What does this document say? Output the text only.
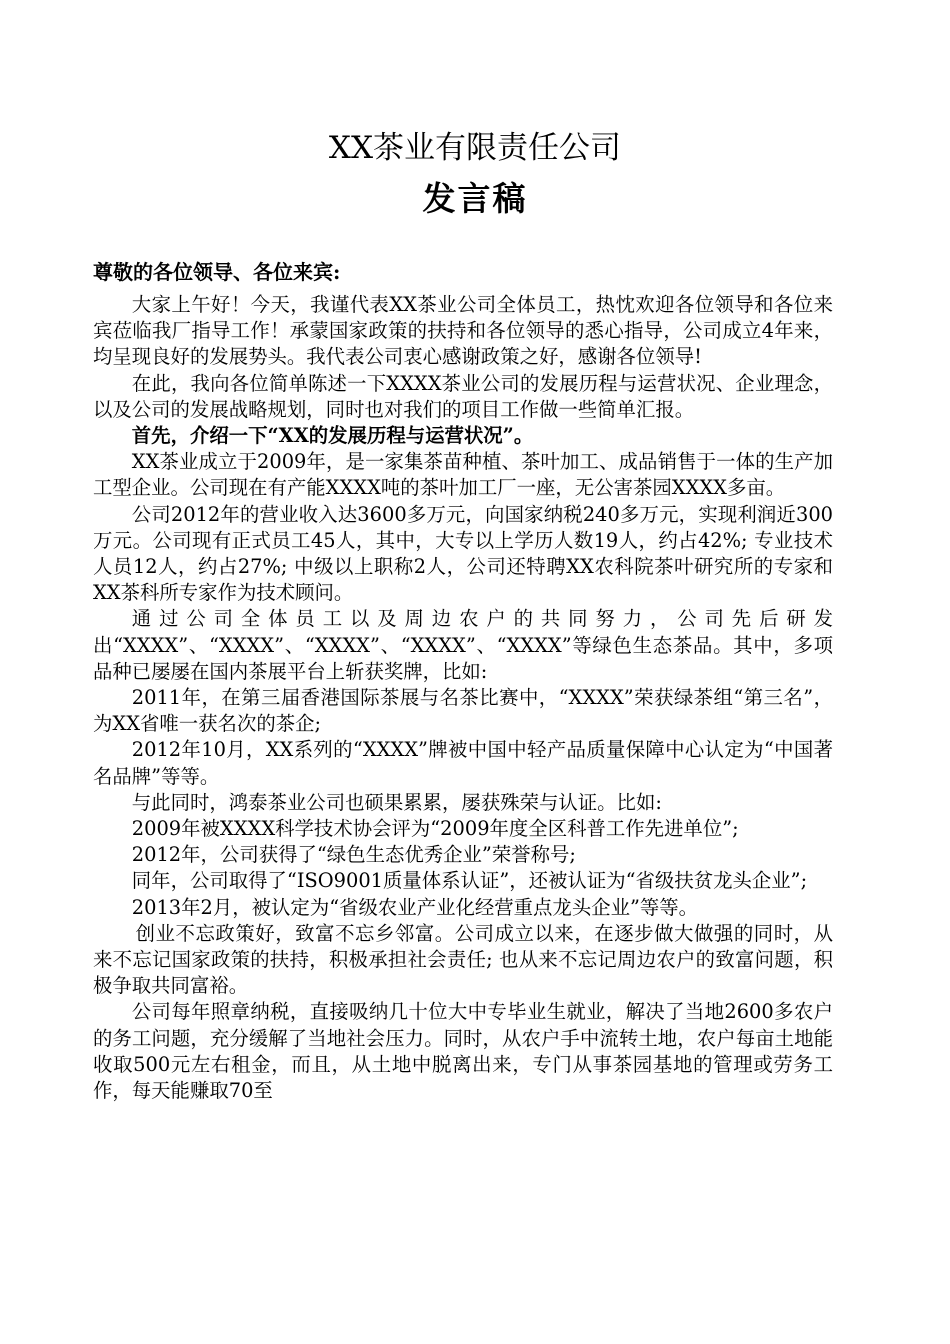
XX茶业有限责任公司
发言稿
尊敬的各位领导、各位来宾:

大家上午好！今天，我谨代表XX茶业公司全体员工，热忱欢迎各位领导和各位来宾莅临我厂指导工作！承蒙国家政策的扶持和各位领导的悉心指导，公司成立4年来，均呈现良好的发展势头。我代表公司衷心感谢政策之好，感谢各位领导!

在此，我向各位简单陈述一下XXXX茶业公司的发展历程与运营状况、企业理念，以及公司的发展战略规划，同时也对我们的项目工作做一些简单汇报。

首先，介绍一下“XX的发展历程与运营状况”。

XX茶业成立于2009年，是一家集茶苗种植、茶叶加工、成品销售于一体的生产加工型企业。公司现在有产能XXXX吨的茶叶加工厂一座，无公害茶园XXXX多亩。

公司2012年的营业收入达3600多万元，向国家纳税240多万元，实现利润近300万元。公司现有正式员工45人，其中，大专以上学历人数19人，约占42%; 专业技术人员12人，约占27%; 中级以上职称2人，公司还特聘XX农科院茶叶研究所的专家和XX茶科所专家作为技术顾问。

通过公司全体员工以及周边农户的共同努力，公司先后研发出“XXXX”、“XXXX”、“XXXX”、“XXXX”、“XXXX”等绿色生态茶品。其中，多项品种已屡屡在国内茶展平台上斩获奖牌，比如:

2011年，在第三届香港国际茶展与名茶比赛中，“XXXX”荣获绿茶组“第三名”，为XX省唯一获名次的茶企;

2012年10月，XX系列的“XXXX”牌被中国中轻产品质量保障中心认定为“中国著名品牌”等等。

与此同时，鸿泰茶业公司也硕果累累，屡获殊荣与认证。比如:

2009年被XXXX科学技术协会评为“2009年度全区科普工作先进单位”;

2012年，公司获得了“绿色生态优秀企业”荣誉称号;

同年，公司取得了“ISO9001质量体系认证”，还被认证为“省级扶贫龙头企业”;

2013年2月，被认定为“省级农业产业化经营重点龙头企业”等等。

创业不忘政策好，致富不忘乡邻富。公司成立以来，在逐步做大做强的同时，从来不忘记国家政策的扶持，积极承担社会责任; 也从来不忘记周边农户的致富问题，积极争取共同富裕。

公司每年照章纳税，直接吸纳几十位大中专毕业生就业，解决了当地2600多农户的务工问题，充分缓解了当地社会压力。同时，从农户手中流转土地，农户每亩土地能收取500元左右租金，而且，从土地中脱离出来，专门从事茶园基地的管理或劳务工作，每天能赚取70至
